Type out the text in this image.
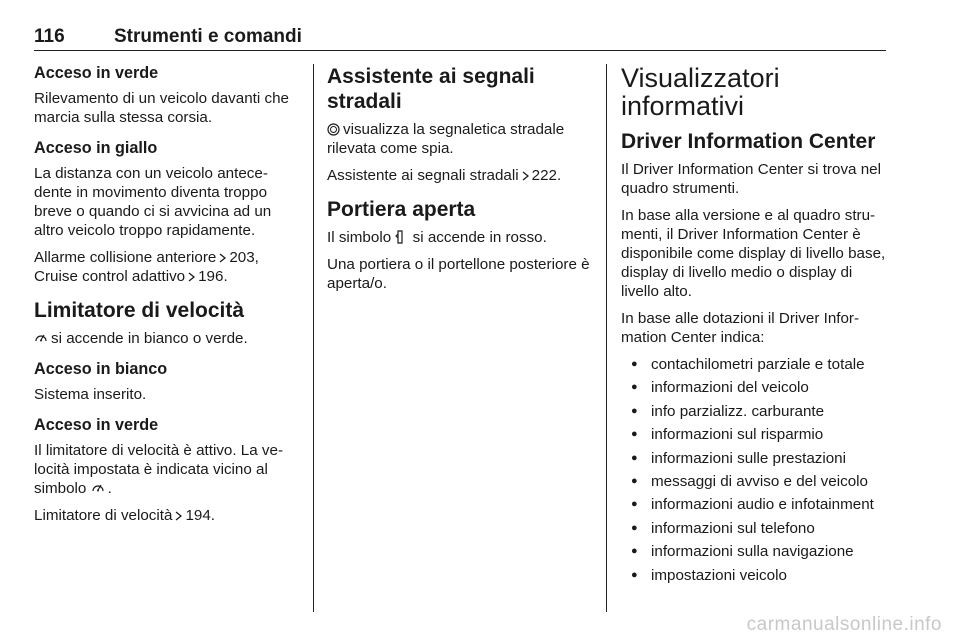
116	Strumenti e comandi

Acceso in verde

Rilevamento di un veicolo davanti che marcia sulla stessa corsia.

Acceso in giallo

La distanza con un veicolo antece-dente in movimento diventa troppo breve o quando ci si avvicina ad un altro veicolo troppo rapidamente.

Allarme collisione anteriore 203,
Cruise control adattivo 196.

Limitatore di velocità

si accende in bianco o verde.

Acceso in bianco

Sistema inserito.

Acceso in verde

Il limitatore di velocità è attivo. La ve-locità impostata è indicata vicino al simbolo .

Limitatore di velocità 194.

Assistente ai segnali stradali

visualizza la segnaletica stradale rilevata come spia.

Assistente ai segnali stradali 222.

Portiera aperta

Il simbolo si accende in rosso.

Una portiera o il portellone posteriore è aperta/o.

Visualizzatori informativi

Driver Information Center

Il Driver Information Center si trova nel quadro strumenti.

In base alla versione e al quadro stru-menti, il Driver Information Center è disponibile come display di livello base, display di livello medio o display di livello alto.

In base alle dotazioni il Driver Infor-mation Center indica:

● contachilometri parziale e totale
● informazioni del veicolo
● info parzializz. carburante
● informazioni sul risparmio
● informazioni sulle prestazioni
● messaggi di avviso e del veicolo
● informazioni audio e infotainment
● informazioni sul telefono
● informazioni sulla navigazione
● impostazioni veicolo
carmanualsonline.info
